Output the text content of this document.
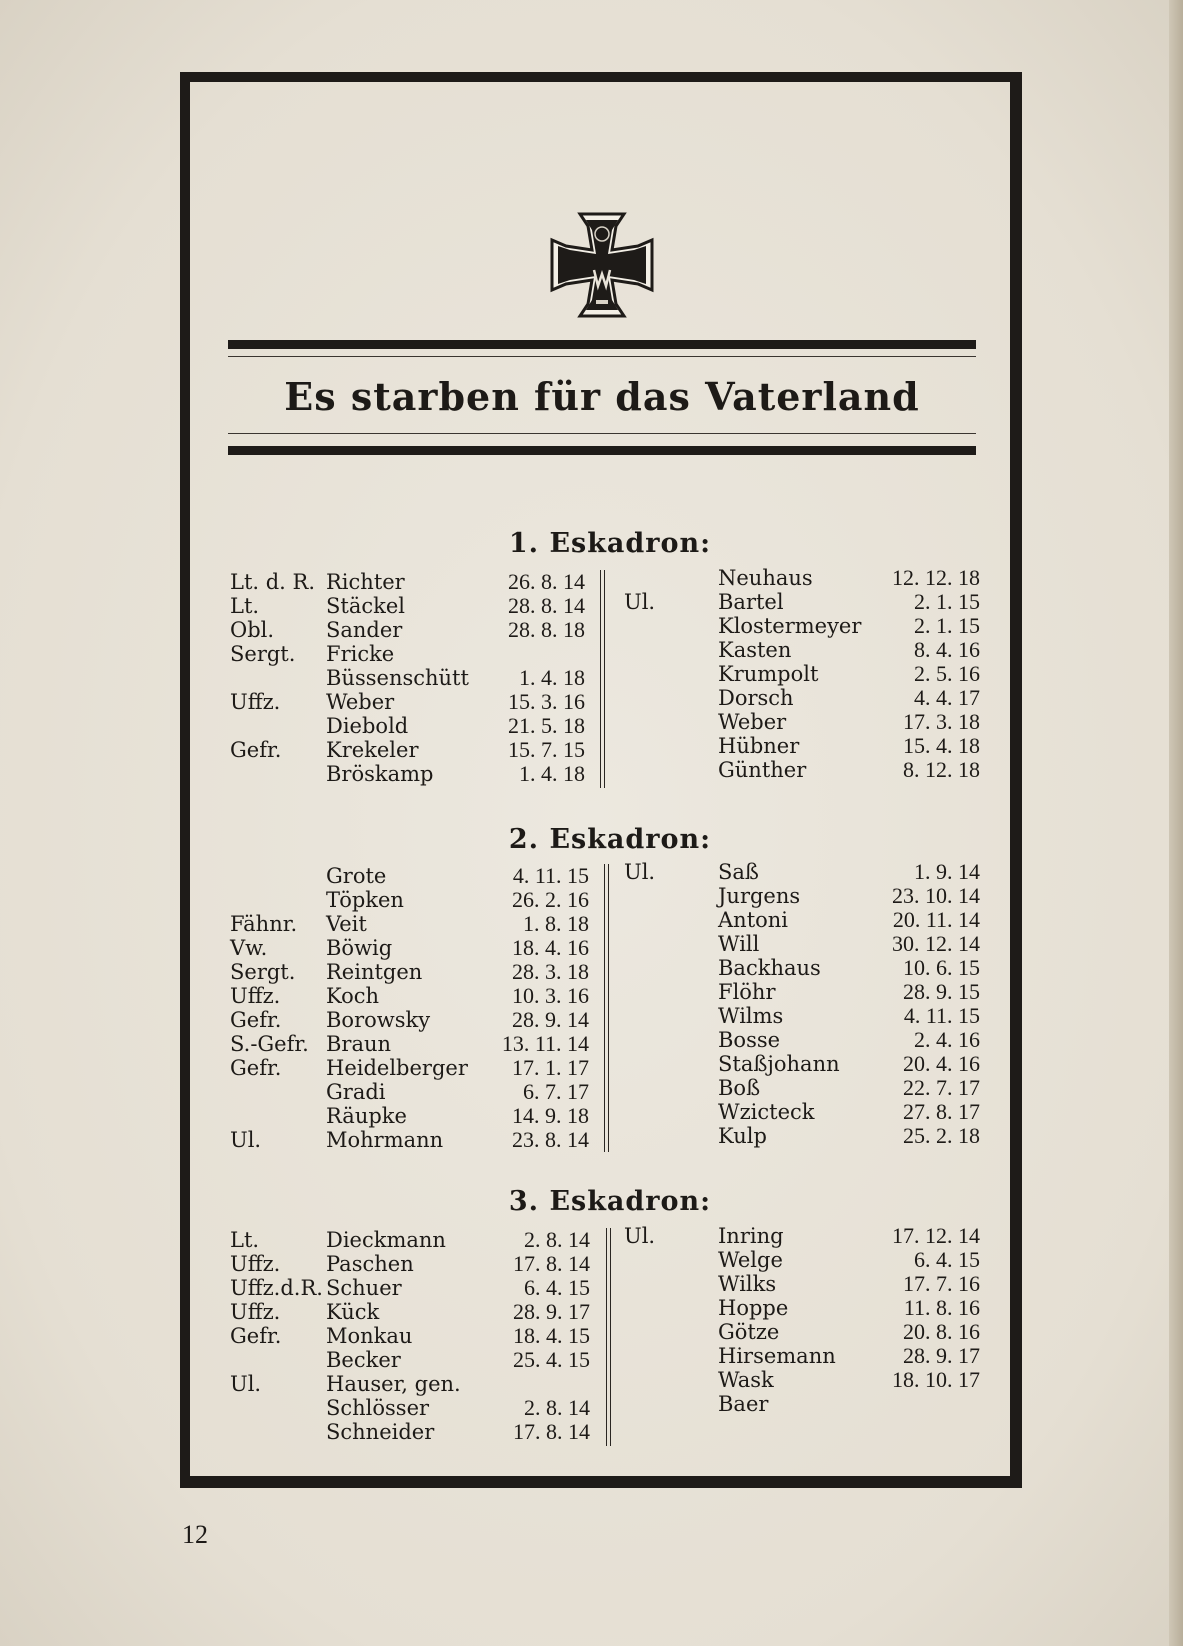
Es starben für das Vaterland
1. Eskadron:
Lt. d. R. Richter	26. 8. 14
Lt.	Stäckel	28. 8. 14
Obl. Sander	28. 8. 18
Sergt. Fricke
Büssenschütt 1. 4. 18
Uffz. Weber	15. 3. 16
Diebold	21. 5. 18
Gefr. Krekeler	15. 7. 15
Bröskamp	1. 4. 18
Neuhaus	12. 12. 18
Ul.	Bartel	2. 1. 15
Klostermeyer 2. 1. 15
Kasten	8. 4. 16
Krumpolt	2. 5. 16
Dorsch	4. 4. 17
Weber	17. 3. 18
Hübner	15. 4. 18
Günther	8. 12. 18
2. Eskadron:
Grote	4. 11. 15
Töpken	26. 2. 16
Fähnr. Veit	1. 8. 18
Vw.	Böwig	18. 4. 16
Sergt. Reintgen	28. 3. 18
Uffz. Koch	10. 3. 16
Gefr. Borowsky	28. 9. 14
S.-Gefr. Braun	13. 11. 14
Gefr. Heidelberger 17. 1. 17
Gradi	6. 7. 17
Räupke	14. 9. 18
Ul.	Mohrmann	23. 8. 14
Ul.	Saß	1. 9. 14
Jurgens	23. 10. 14
Antoni	20. 11. 14
Will	30. 12. 14
Backhaus	10. 6. 15
Flöhr	28. 9. 15
Wilms	4. 11. 15
Bosse	2. 4. 16
Staßjohann	20. 4. 16
Boß	22. 7. 17
Wzicteck	27. 8. 17
Kulp	25. 2. 18
3. Eskadron:
Lt.	Dieckmann	2. 8. 14
Uffz. Paschen	17. 8. 14
Uffz.d.R. Schuer	6. 4. 15
Uffz. Kück	28. 9. 17
Gefr. Monkau	18. 4. 15
Becker	25. 4. 15
Ul.	Hauser, gen.
Schlösser	2. 8. 14
Schneider	17. 8. 14
Ul.	Inring	17. 12. 14
Welge	6. 4. 15
Wilks	17. 7. 16
Hoppe	11. 8. 16
Götze	20. 8. 16
Hirsemann	28. 9. 17
Wask	18. 10. 17
Baer
12
